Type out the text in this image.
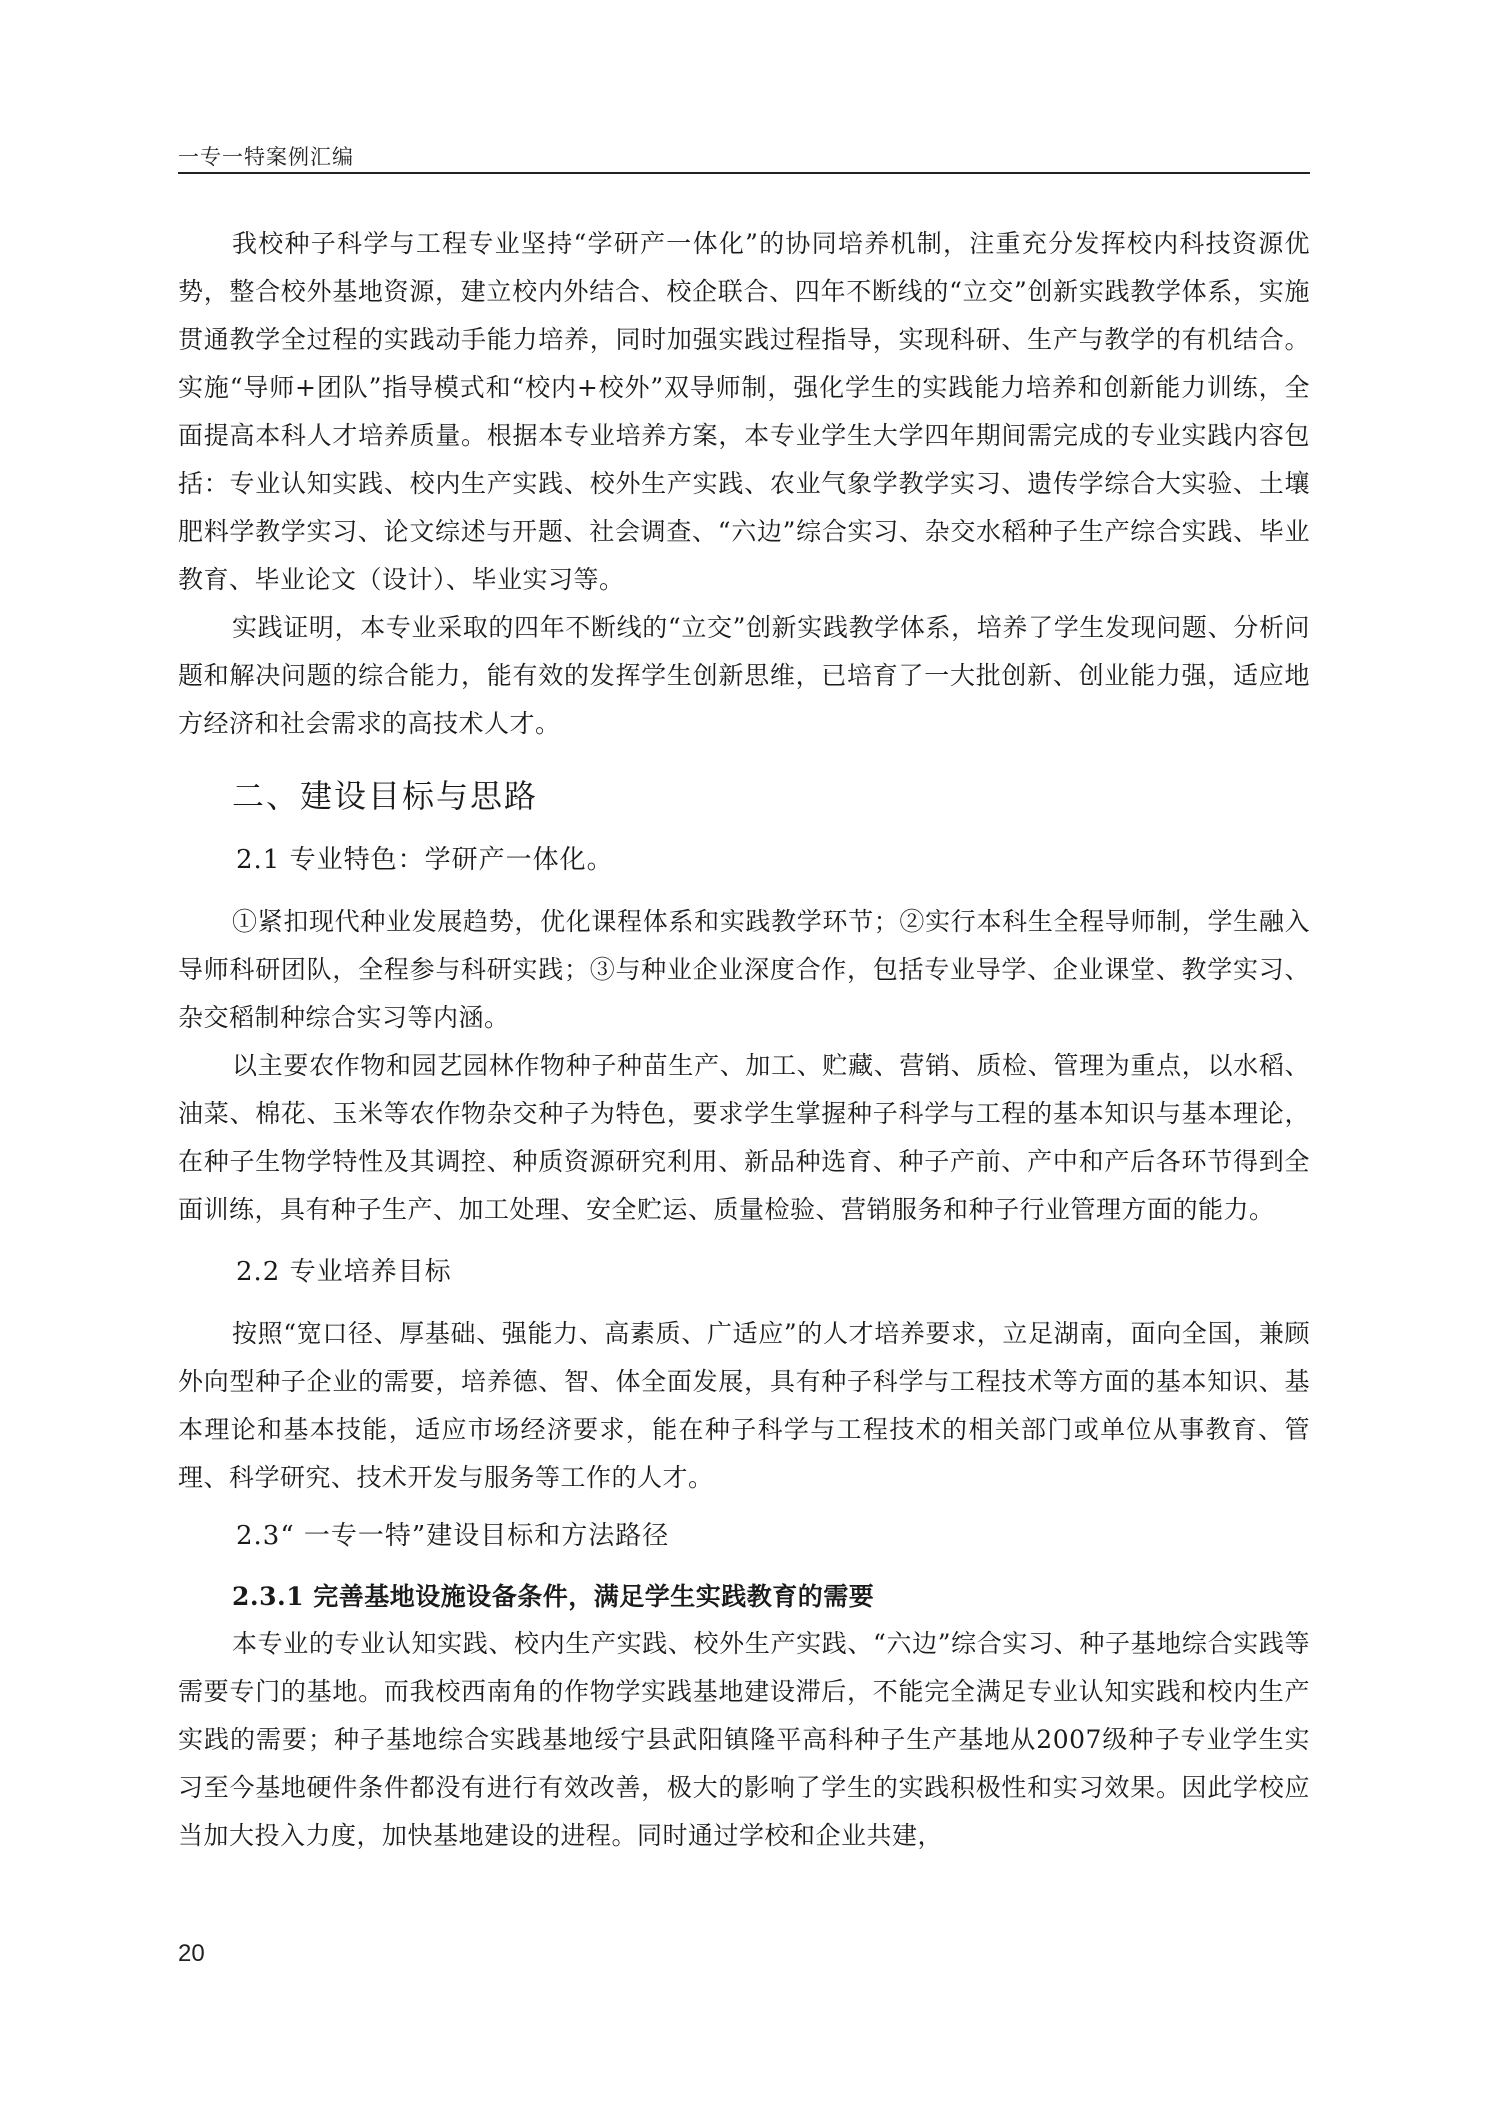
一专一特案例汇编

我校种子科学与工程专业坚持“学研产一体化”的协同培养机制，注重充分发挥校内科技资源优势，整合校外基地资源，建立校内外结合、校企联合、四年不断线的“立交”创新实践教学体系，实施贯通教学全过程的实践动手能力培养，同时加强实践过程指导，实现科研、生产与教学的有机结合。实施“导师+团队”指导模式和“校内+校外”双导师制，强化学生的实践能力培养和创新能力训练，全面提高本科人才培养质量。根据本专业培养方案，本专业学生大学四年期间需完成的专业实践内容包括：专业认知实践、校内生产实践、校外生产实践、农业气象学教学实习、遗传学综合大实验、土壤肥料学教学实习、论文综述与开题、社会调查、“六边”综合实习、杂交水稻种子生产综合实践、毕业教育、毕业论文（设计）、毕业实习等。

实践证明，本专业采取的四年不断线的“立交”创新实践教学体系，培养了学生发现问题、分析问题和解决问题的综合能力，能有效的发挥学生创新思维，已培育了一大批创新、创业能力强，适应地方经济和社会需求的高技术人才。

二、建设目标与思路
2.1 专业特色：学研产一体化。

①紧扣现代种业发展趋势，优化课程体系和实践教学环节；②实行本科生全程导师制，学生融入导师科研团队，全程参与科研实践；③与种业企业深度合作，包括专业导学、企业课堂、教学实习、杂交稻制种综合实习等内涵。

以主要农作物和园艺园林作物种子种苗生产、加工、贮藏、营销、质检、管理为重点，以水稻、油菜、棉花、玉米等农作物杂交种子为特色，要求学生掌握种子科学与工程的基本知识与基本理论，在种子生物学特性及其调控、种质资源研究利用、新品种选育、种子产前、产中和产后各环节得到全面训练，具有种子生产、加工处理、安全贮运、质量检验、营销服务和种子行业管理方面的能力。

2.2 专业培养目标

按照“宽口径、厚基础、强能力、高素质、广适应”的人才培养要求，立足湖南，面向全国，兼顾外向型种子企业的需要，培养德、智、体全面发展，具有种子科学与工程技术等方面的基本知识、基本理论和基本技能，适应市场经济要求，能在种子科学与工程技术的相关部门或单位从事教育、管理、科学研究、技术开发与服务等工作的人才。

2.3“ 一专一特”建设目标和方法路径
2.3.1 完善基地设施设备条件，满足学生实践教育的需要

本专业的专业认知实践、校内生产实践、校外生产实践、“六边”综合实习、种子基地综合实践等需要专门的基地。而我校西南角的作物学实践基地建设滞后，不能完全满足专业认知实践和校内生产实践的需要；种子基地综合实践基地绥宁县武阳镇隆平高科种子生产基地从2007级种子专业学生实习至今基地硬件条件都没有进行有效改善，极大的影响了学生的实践积极性和实习效果。因此学校应当加大投入力度，加快基地建设的进程。同时通过学校和企业共建，

20
